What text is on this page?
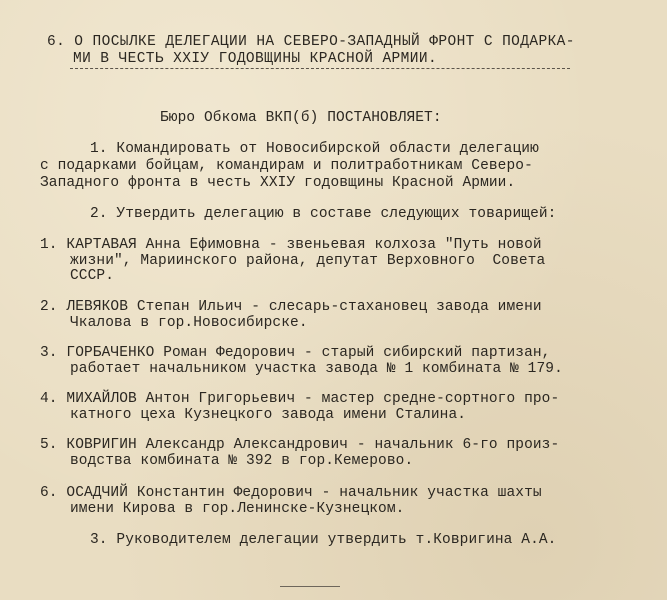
6. О ПОСЫЛКЕ ДЕЛЕГАЦИИ НА СЕВЕРО-ЗАПАДНЫЙ ФРОНТ С ПОДАРКА-
МИ В ЧЕСТЬ XXIУ ГОДОВЩИНЫ КРАСНОЙ АРМИИ.
Бюро Обкома ВКП(б) ПОСТАНОВЛЯЕТ:
1. Командировать от Новосибирской области делегацию
с подарками бойцам, командирам и политработникам Северо-
Западного фронта в честь XXIУ годовщины Красной Армии.
2. Утвердить делегацию в составе следующих товарищей:
1. КАРТАВАЯ Анна Ефимовна - звеньевая колхоза "Путь новой
жизни", Мариинского района, депутат Верховного  Совета
СССР.
2. ЛЕВЯКОВ Степан Ильич - слесарь-стахановец завода имени
Чкалова в гор.Новосибирске.
3. ГОРБАЧЕНКО Роман Федорович - старый сибирский партизан,
работает начальником участка завода № 1 комбината № 179.
4. МИХАЙЛОВ Антон Григорьевич - мастер средне-сортного про-
катного цеха Кузнецкого завода имени Сталина.
5. КОВРИГИН Александр Александрович - начальник 6-го произ-
водства комбината № 392 в гор.Кемерово.
6. ОСАДЧИЙ Константин Федорович - начальник участка шахты
имени Кирова в гор.Ленинске-Кузнецком.
3. Руководителем делегации утвердить т.Ковригина А.А.
